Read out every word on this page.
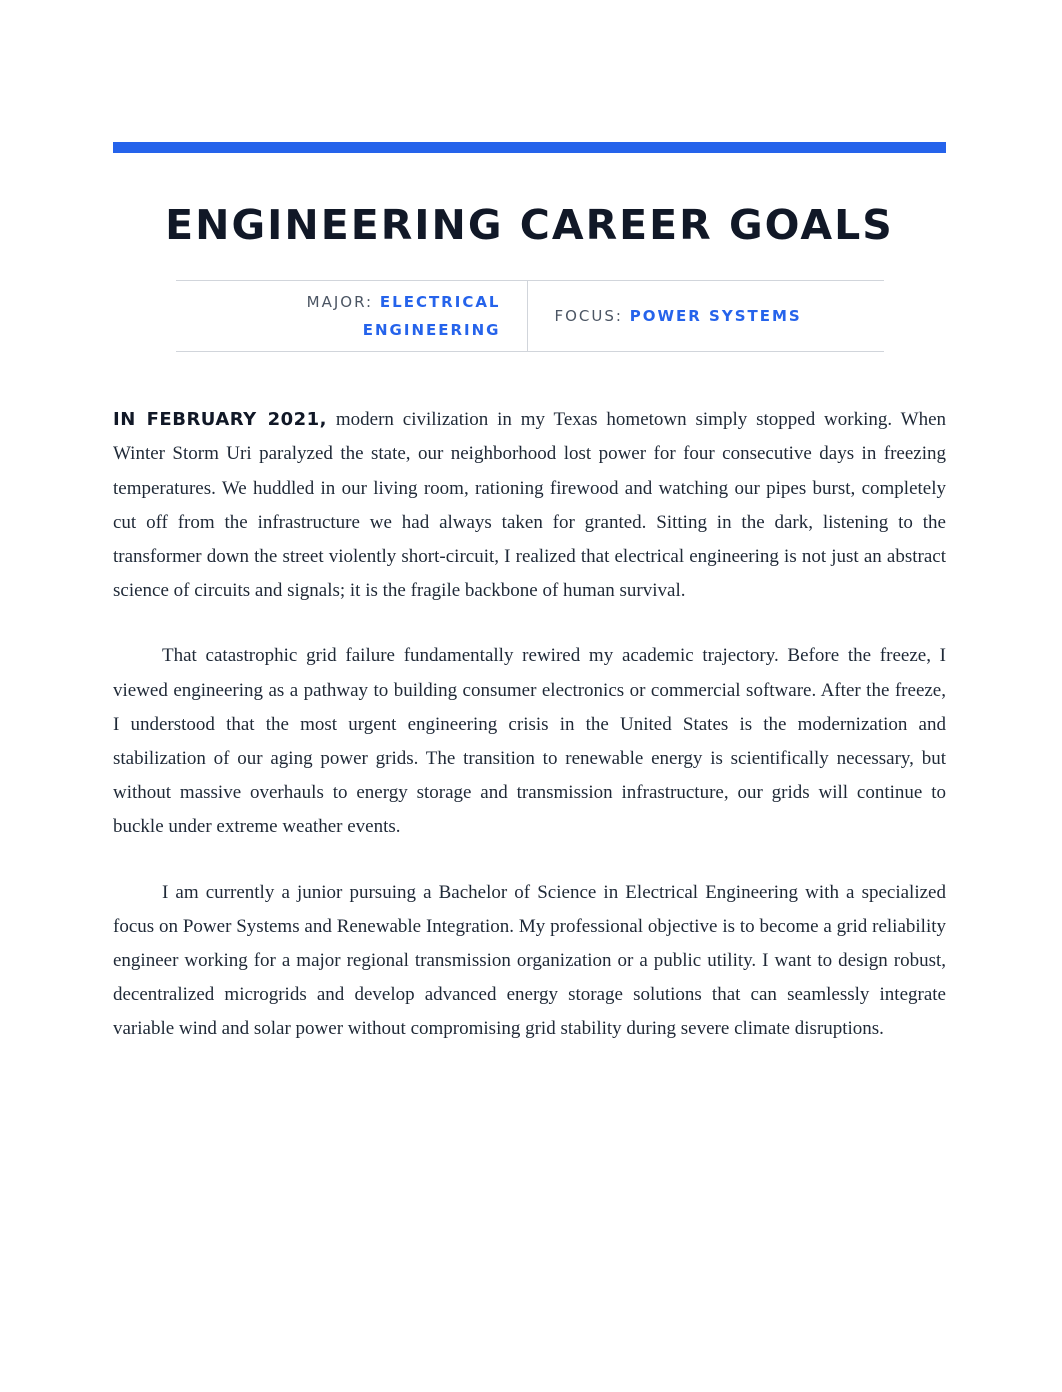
ENGINEERING CAREER GOALS
MAJOR: ELECTRICAL ENGINEERING
FOCUS:
POWER SYSTEMS

IN FEBRUARY 2021, modern civilization in my Texas hometown simply stopped working. When Winter Storm Uri paralyzed the state, our neighborhood lost power for four consecutive days in freezing temperatures. We huddled in our living room, rationing firewood and watching our pipes burst, completely cut off from the infrastructure we had always taken for granted. Sitting in the dark, listening to the transformer down the street violently short-circuit, I realized that electrical engineering is not just an abstract science of circuits and signals; it is the fragile backbone of human survival.

That catastrophic grid failure fundamentally rewired my academic trajectory. Before the freeze, I viewed engineering as a pathway to building consumer electronics or commercial software. After the freeze, I understood that the most urgent engineering crisis in the United States is the modernization and stabilization of our aging power grids. The transition to renewable energy is scientifically necessary, but without massive overhauls to energy storage and transmission infrastructure, our grids will continue to buckle under extreme weather events.

I am currently a junior pursuing a Bachelor of Science in Electrical Engineering with a specialized focus on Power Systems and Renewable Integration. My professional objective is to become a grid reliability engineer working for a major regional transmission organization or a public utility. I want to design robust, decentralized microgrids and develop advanced energy storage solutions that can seamlessly integrate variable wind and solar power without compromising grid stability during severe climate disruptions.
